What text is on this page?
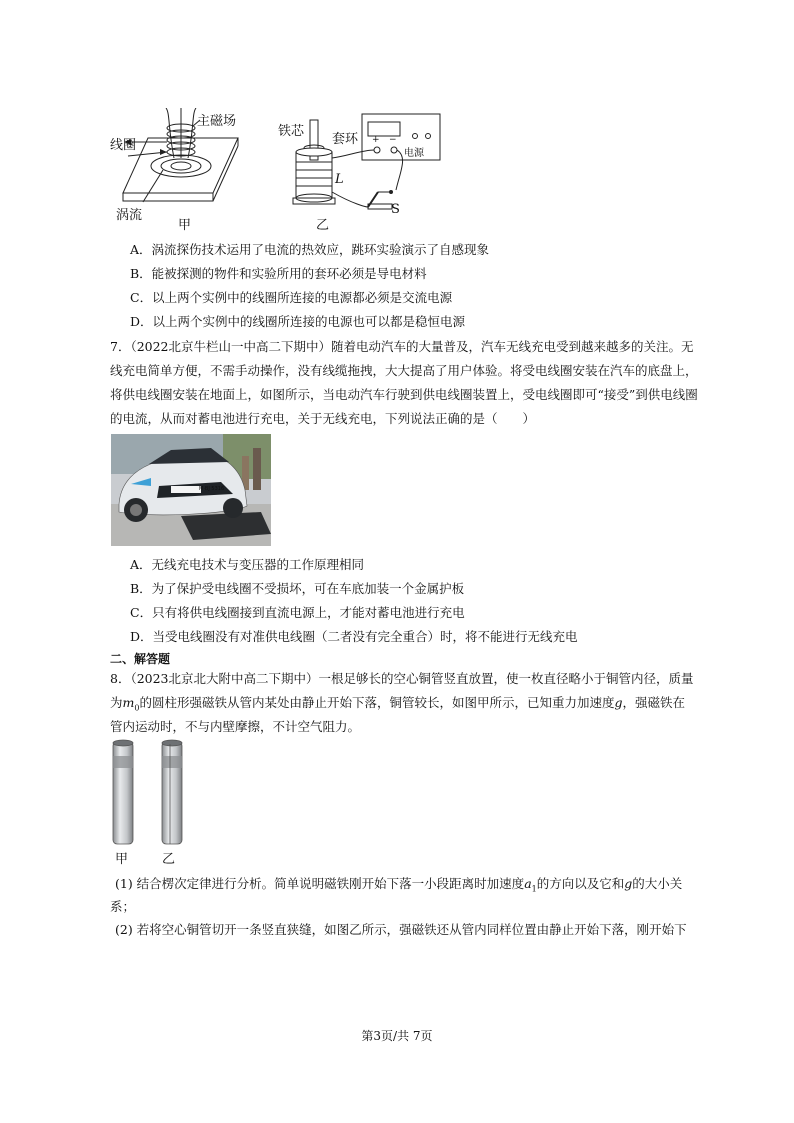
线圈
主磁场
涡流
甲
铁芯
套环
L
+ −
电源
S
乙
A．涡流探伤技术运用了电流的热效应，跳环实验演示了自感现象
B．能被探测的物件和实验所用的套环必须是导电材料
C．以上两个实例中的线圈所连接的电源都必须是交流电源
D．以上两个实例中的线圈所连接的电源也可以都是稳恒电源
7．（2022北京牛栏山一中高二下期中）随着电动汽车的大量普及，汽车无线充电受到越来越多的关注。无
线充电简单方便，不需手动操作，没有线缆拖拽，大大提高了用户体验。将受电线圈安装在汽车的底盘上，
将供电线圈安装在地面上，如图所示，当电动汽车行驶到供电线圈装置上，受电线圈即可“接受”到供电线圈
的电流，从而对蓄电池进行充电，关于无线充电，下列说法正确的是（　　）
M·BJ 5316
A．无线充电技术与变压器的工作原理相同
B．为了保护受电线圈不受损坏，可在车底加装一个金属护板
C．只有将供电线圈接到直流电源上，才能对蓄电池进行充电
D．当受电线圈没有对准供电线圈（二者没有完全重合）时，将不能进行无线充电
二、解答题
8．（2023北京北大附中高二下期中）一根足够长的空心铜管竖直放置，使一枚直径略小于铜管内径，质量
为$m_0$的圆柱形强磁铁从管内某处由静止开始下落，铜管较长，如图甲所示，已知重力加速度g，强磁铁在
管内运动时，不与内壁摩擦，不计空气阻力。
甲	乙
(1) 结合楞次定律进行分析。简单说明磁铁刚开始下落一小段距离时加速度$a_1$的方向以及它和g的大小关
系；
(2) 若将空心铜管切开一条竖直狭缝，如图乙所示，强磁铁还从管内同样位置由静止开始下落，刚开始下
第3页/共 7页
